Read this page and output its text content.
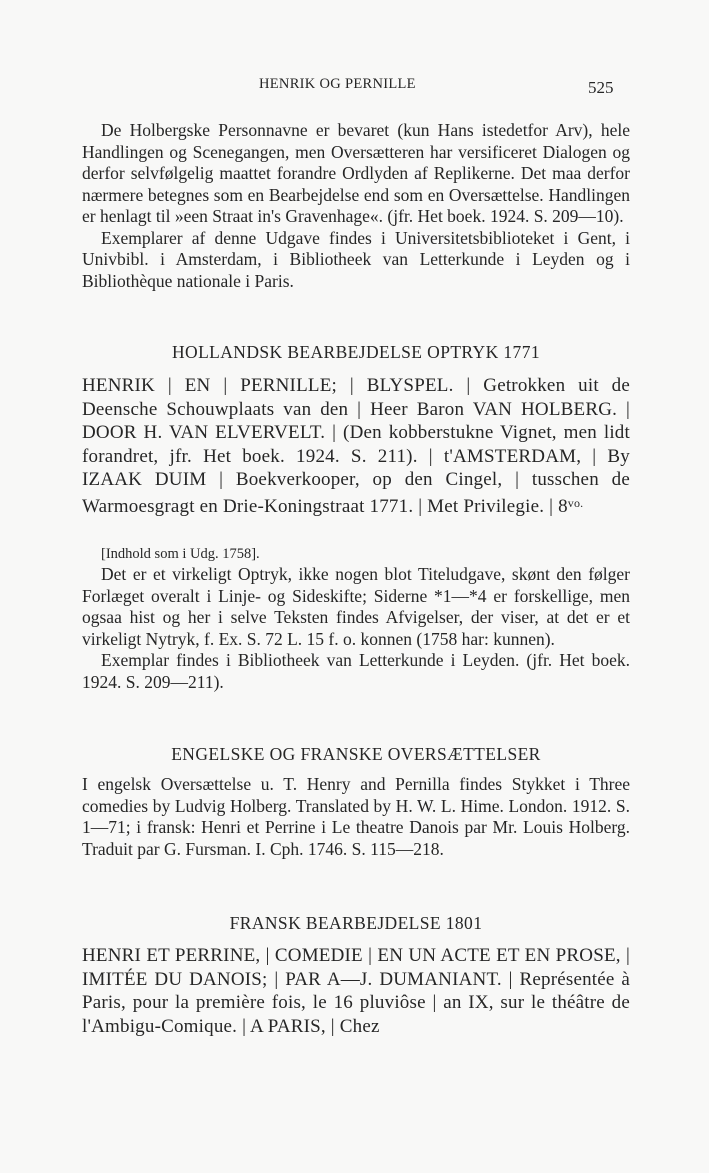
HENRIK OG PERNILLE	525

De Holbergske Personnavne er bevaret (kun Hans istedetfor Arv), hele Handlingen og Scenegangen, men Oversætteren har versificeret Dialogen og derfor selvfølgelig maattet forandre Ordlyden af Replikerne. Det maa derfor nærmere betegnes som en Bearbejdelse end som en Oversættelse. Handlingen er henlagt til »een Straat in's Gravenhage«. (jfr. Het boek. 1924. S. 209—10).

Exemplarer af denne Udgave findes i Universitetsbiblioteket i Gent, i Univbibl. i Amsterdam, i Bibliotheek van Letterkunde i Leyden og i Bibliothèque nationale i Paris.

HOLLANDSK BEARBEJDELSE OPTRYK 1771

HENRIK | EN | PERNILLE; | BLYSPEL. | Getrokken uit de Deensche Schouwplaats van den | Heer Baron VAN HOLBERG. | DOOR H. VAN ELVERVELT. | (Den kobberstukne Vignet, men lidt forandret, jfr. Het boek. 1924. S. 211). | t'AMSTERDAM, | By IZAAK DUIM | Boekverkooper, op den Cingel, | tusschen de Warmoesgragt en Drie-Koningstraat 1771. | Met Privilegie. | $8^{vo.}$

[Indhold som i Udg. 1758].

Det er et virkeligt Optryk, ikke nogen blot Titeludgave, skønt den følger Forlæget overalt i Linje- og Sideskifte; Siderne *1—*4 er forskellige, men ogsaa hist og her i selve Teksten findes Afvigelser, der viser, at det er et virkeligt Nytryk, f. Ex. S. 72 L. 15 f. o. konnen (1758 har: kunnen).

Exemplar findes i Bibliotheek van Letterkunde i Leyden. (jfr. Het boek. 1924. S. 209—211).

ENGELSKE OG FRANSKE OVERSÆTTELSER

I engelsk Oversættelse u. T. Henry and Pernilla findes Stykket i Three comedies by Ludvig Holberg. Translated by H. W. L. Hime. London. 1912. S. 1—71; i fransk: Henri et Perrine i Le theatre Danois par Mr. Louis Holberg. Traduit par G. Fursman. I. Cph. 1746. S. 115—218.

FRANSK BEARBEJDELSE 1801

HENRI ET PERRINE, | COMEDIE | EN UN ACTE ET EN PROSE, | IMITÉE DU DANOIS; | PAR A—J. DUMANIANT. | Représentée à Paris, pour la première fois, le 16 pluviôse | an IX, sur le théâtre de l'Ambigu-Comique. | A PARIS, | Chez
